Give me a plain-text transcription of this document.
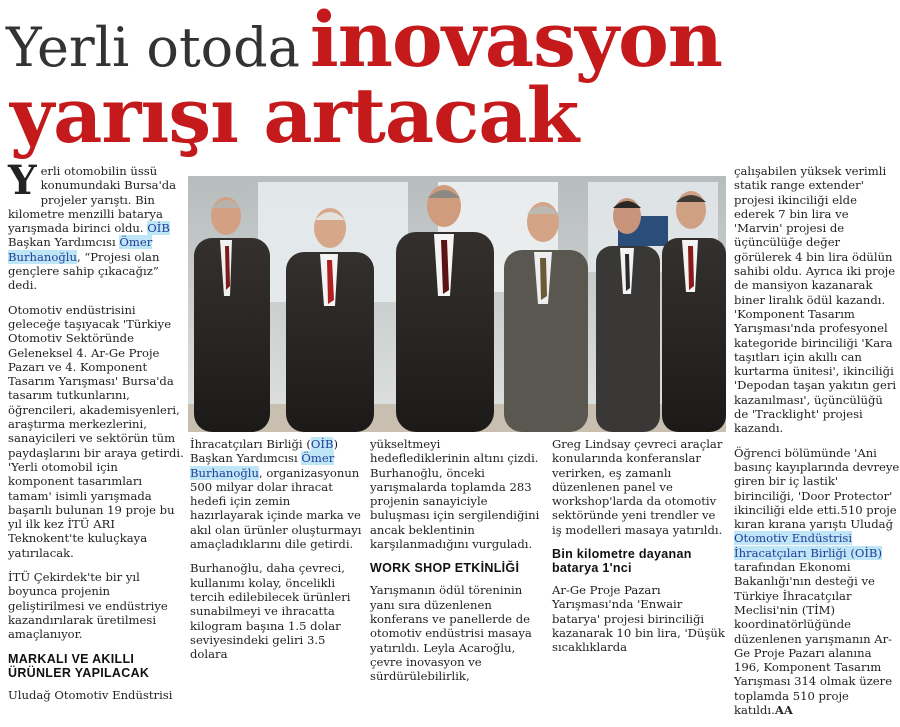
Yerli otoda inovasyon
yarışı artacak

Yerli otomobilin üssü konumundaki Bursa'da projeler yarıştı. Bin kilometre menzilli batarya yarışmada birinci oldu. OİB Başkan Yardımcısı Ömer Burhanoğlu, “Projesi olan gençlere sahip çıkacağız” dedi.

Otomotiv endüstrisini geleceğe taşıyacak 'Türkiye Otomotiv Sektöründe Geleneksel 4. Ar-Ge Proje Pazarı ve 4. Komponent Tasarım Yarışması' Bursa'da tasarım tutkunlarını, öğrencileri, akademisyenleri, araştırma merkezlerini, sanayicileri ve sektörün tüm paydaşlarını bir araya getirdi. 'Yerli otomobil için komponent tasarımları tamam' isimli yarışmada başarılı bulunan 19 proje bu yıl ilk kez İTÜ ARI Teknokent'te kuluçkaya yatırılacak.

İTÜ Çekirdek'te bir yıl boyunca projenin geliştirilmesi ve endüstriye kazandırılarak üretilmesi amaçlanıyor.

MARKALI VE AKILLI ÜRÜNLER YAPILACAK

Uludağ Otomotiv Endüstrisi

İhracatçıları Birliği (OİB) Başkan Yardımcısı Ömer Burhanoğlu, organizasyonun 500 milyar dolar ihracat hedefi için zemin hazırlayarak içinde marka ve akıl olan ürünler oluşturmayı amaçladıklarını dile getirdi.

Burhanoğlu, daha çevreci, kullanımı kolay, öncelikli tercih edilebilecek ürünleri sunabilmeyi ve ihracatta kilogram başına 1.5 dolar seviyesindeki geliri 3.5 dolara

yükseltmeyi hedeflediklerinin altını çizdi. Burhanoğlu, önceki yarışmalarda toplamda 283 projenin sanayiciyle buluşması için sergilendiğini ancak beklentinin karşılanmadığını vurguladı.

WORK SHOP ETKİNLİĞİ

Yarışmanın ödül töreninin yanı sıra düzenlenen konferans ve panellerde de otomotiv endüstrisi masaya yatırıldı. Leyla Acaroğlu, çevre inovasyon ve sürdürülebilirlik,

Greg Lindsay çevreci araçlar konularında konferanslar verirken, eş zamanlı düzenlenen panel ve workshop'larda da otomotiv sektöründe yeni trendler ve iş modelleri masaya yatırıldı.

Bin kilometre dayanan batarya 1'nci

Ar-Ge Proje Pazarı Yarışması'nda 'Enwair batarya' projesi birinciliği kazanarak 10 bin lira, 'Düşük sıcaklıklarda

çalışabilen yüksek verimli statik range extender' projesi ikinciliği elde ederek 7 bin lira ve 'Marvin' projesi de üçüncülüğe değer görülerek 4 bin lira ödülün sahibi oldu. Ayrıca iki proje de mansiyon kazanarak biner liralık ödül kazandı. 'Komponent Tasarım Yarışması'nda profesyonel kategoride birinciliği 'Kara taşıtları için akıllı can kurtarma ünitesi', ikinciliği 'Depodan taşan yakıtın geri kazanılması', üçüncülüğü de 'Tracklight' projesi kazandı.

Öğrenci bölümünde 'Ani basınç kayıplarında devreye giren bir iç lastik' birinciliği, 'Door Protector' ikinciliği elde etti.510 proje kıran kırana yarıştı Uludağ Otomotiv Endüstrisi İhracatçıları Birliği (OİB) tarafından Ekonomi Bakanlığı'nın desteği ve Türkiye İhracatçılar Meclisi'nin (TİM) koordinatörlüğünde düzenlenen yarışmanın Ar-Ge Proje Pazarı alanına 196, Komponent Tasarım Yarışması 314 olmak üzere toplamda 510 proje katıldı.AA
